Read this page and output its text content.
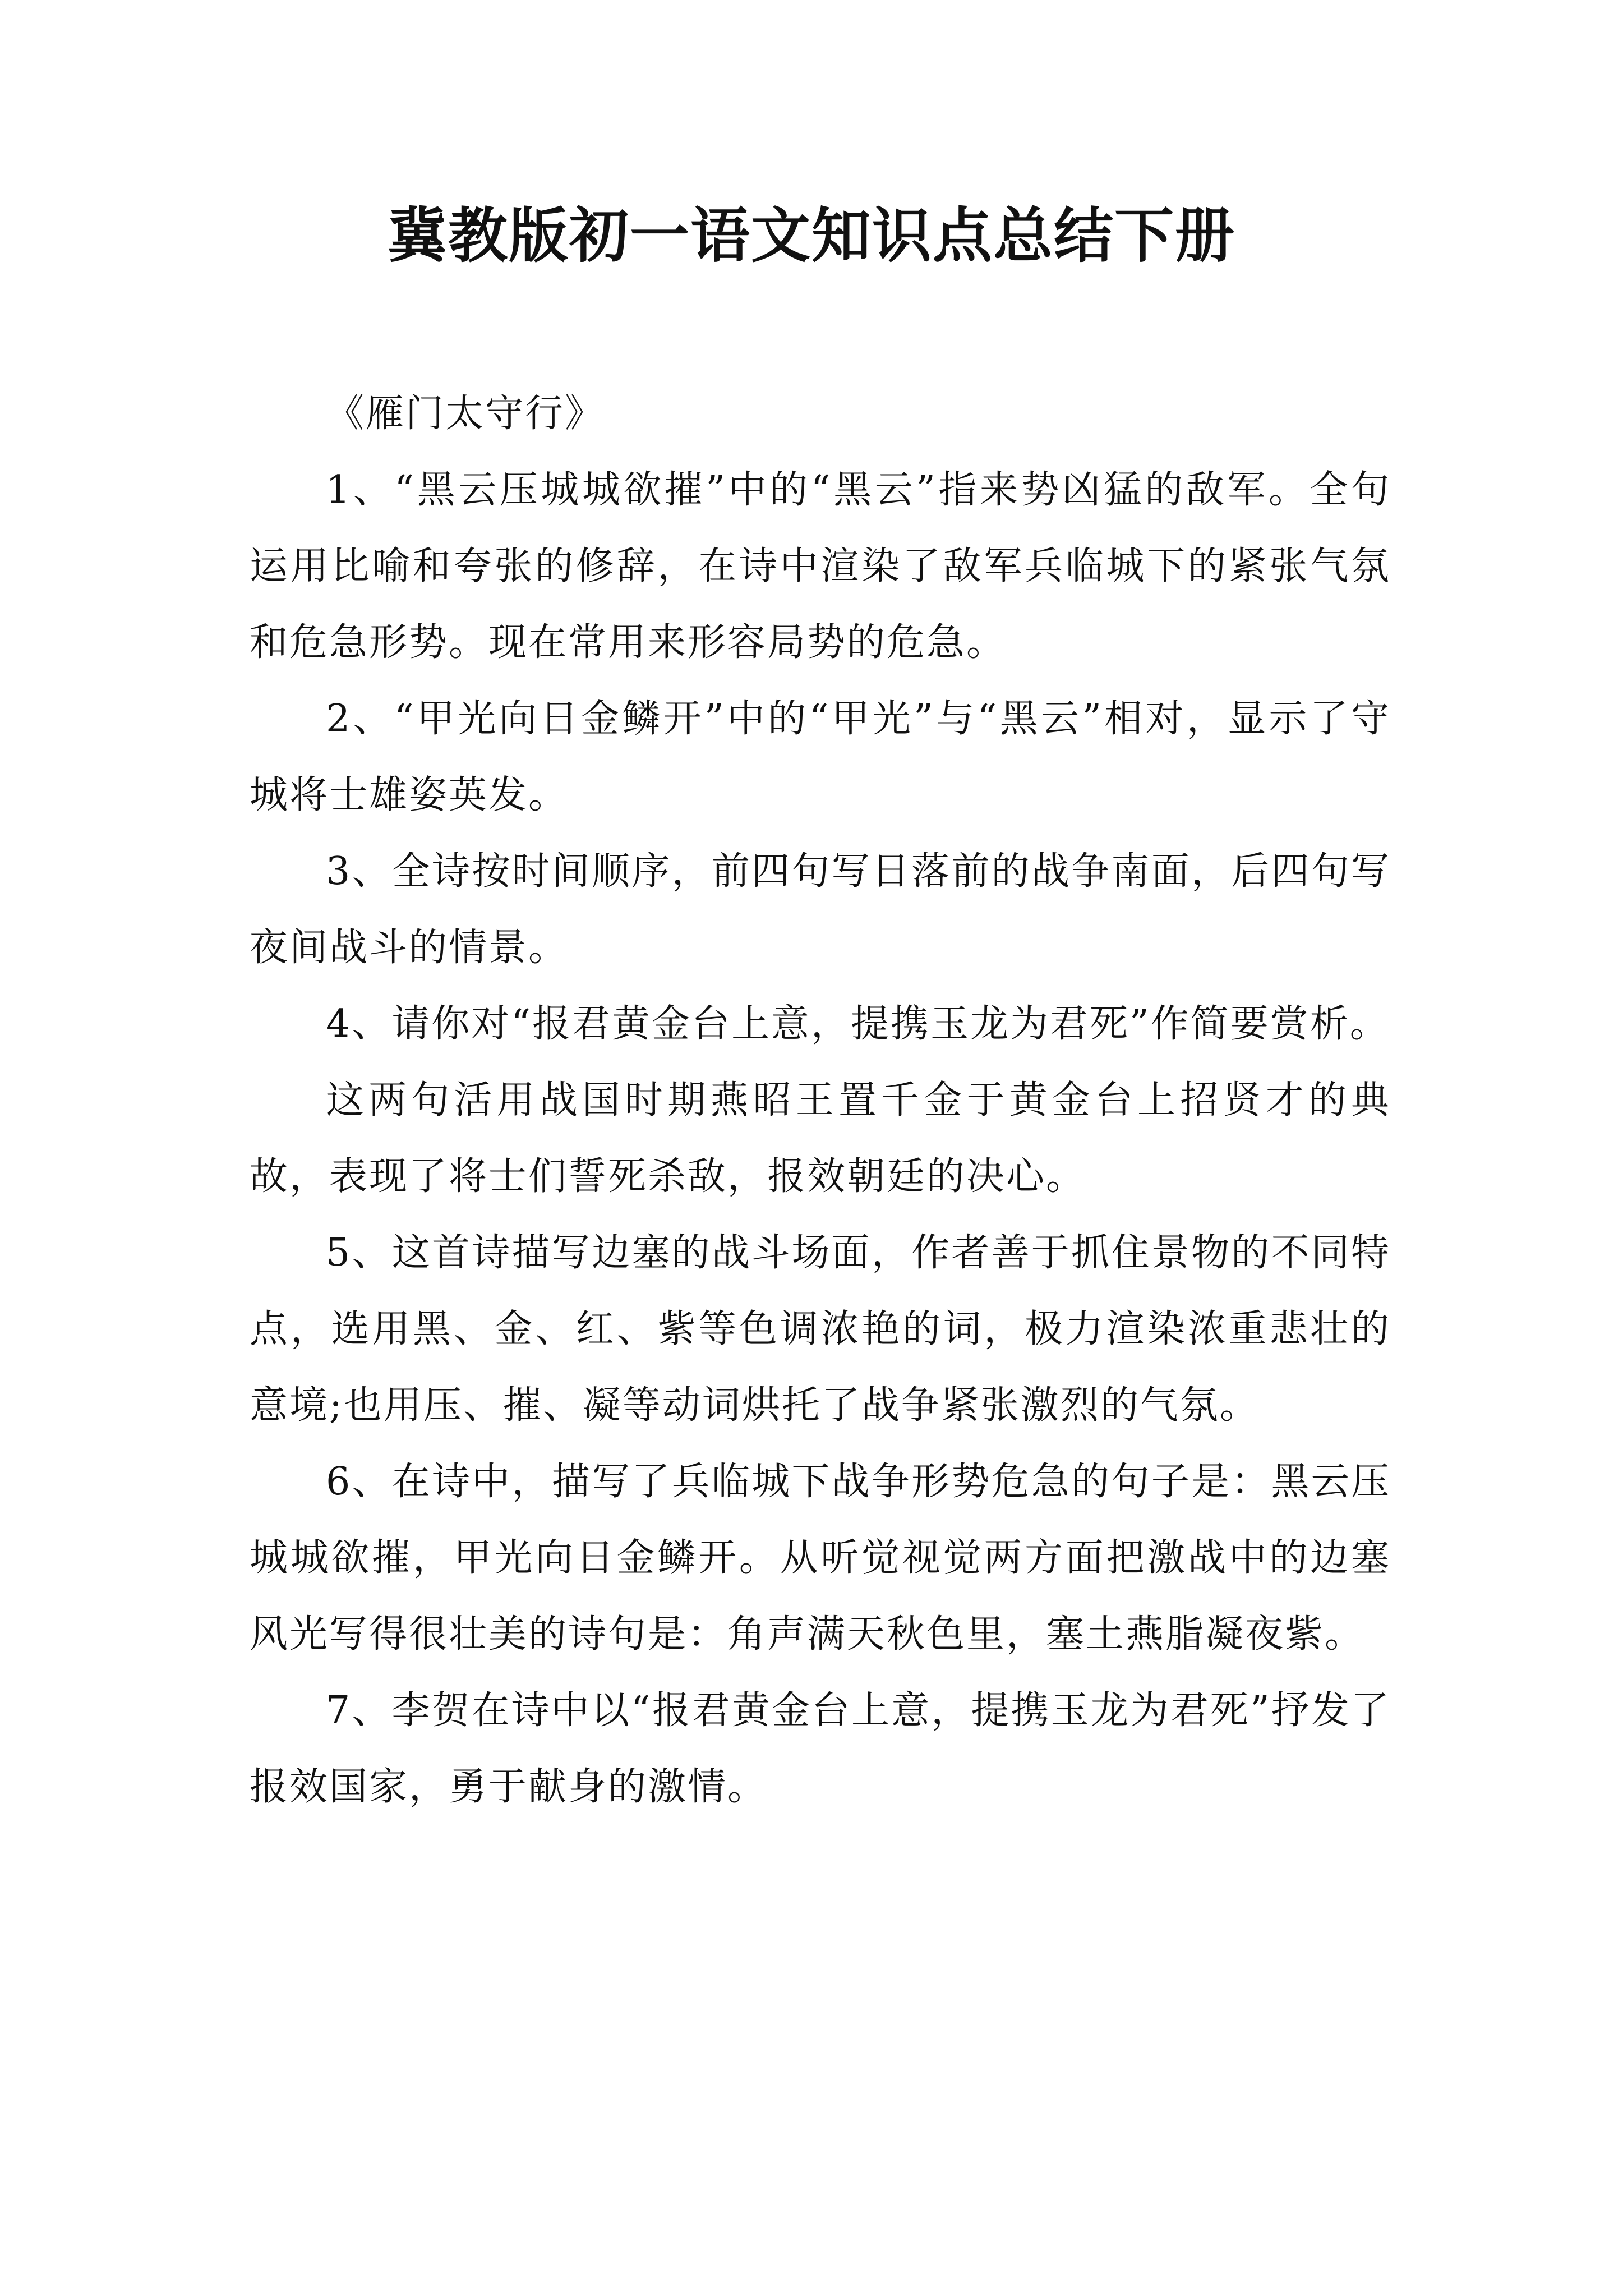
冀教版初一语文知识点总结下册

《雁门太守行》

1、“黑云压城城欲摧”中的“黑云”指来势凶猛的敌军。全句运用比喻和夸张的修辞，在诗中渲染了敌军兵临城下的紧张气氛和危急形势。现在常用来形容局势的危急。

2、“甲光向日金鳞开”中的“甲光”与“黑云”相对，显示了守城将士雄姿英发。

3、全诗按时间顺序，前四句写日落前的战争南面，后四句写夜间战斗的情景。

4、请你对“报君黄金台上意，提携玉龙为君死”作简要赏析。

这两句活用战国时期燕昭王置千金于黄金台上招贤才的典故，表现了将士们誓死杀敌，报效朝廷的决心。

5、这首诗描写边塞的战斗场面，作者善于抓住景物的不同特点，选用黑、金、红、紫等色调浓艳的词，极力渲染浓重悲壮的意境;也用压、摧、凝等动词烘托了战争紧张激烈的气氛。

6、在诗中，描写了兵临城下战争形势危急的句子是：黑云压城城欲摧，甲光向日金鳞开。从听觉视觉两方面把激战中的边塞风光写得很壮美的诗句是：角声满天秋色里，塞土燕脂凝夜紫。

7、李贺在诗中以“报君黄金台上意，提携玉龙为君死”抒发了报效国家，勇于献身的激情。
